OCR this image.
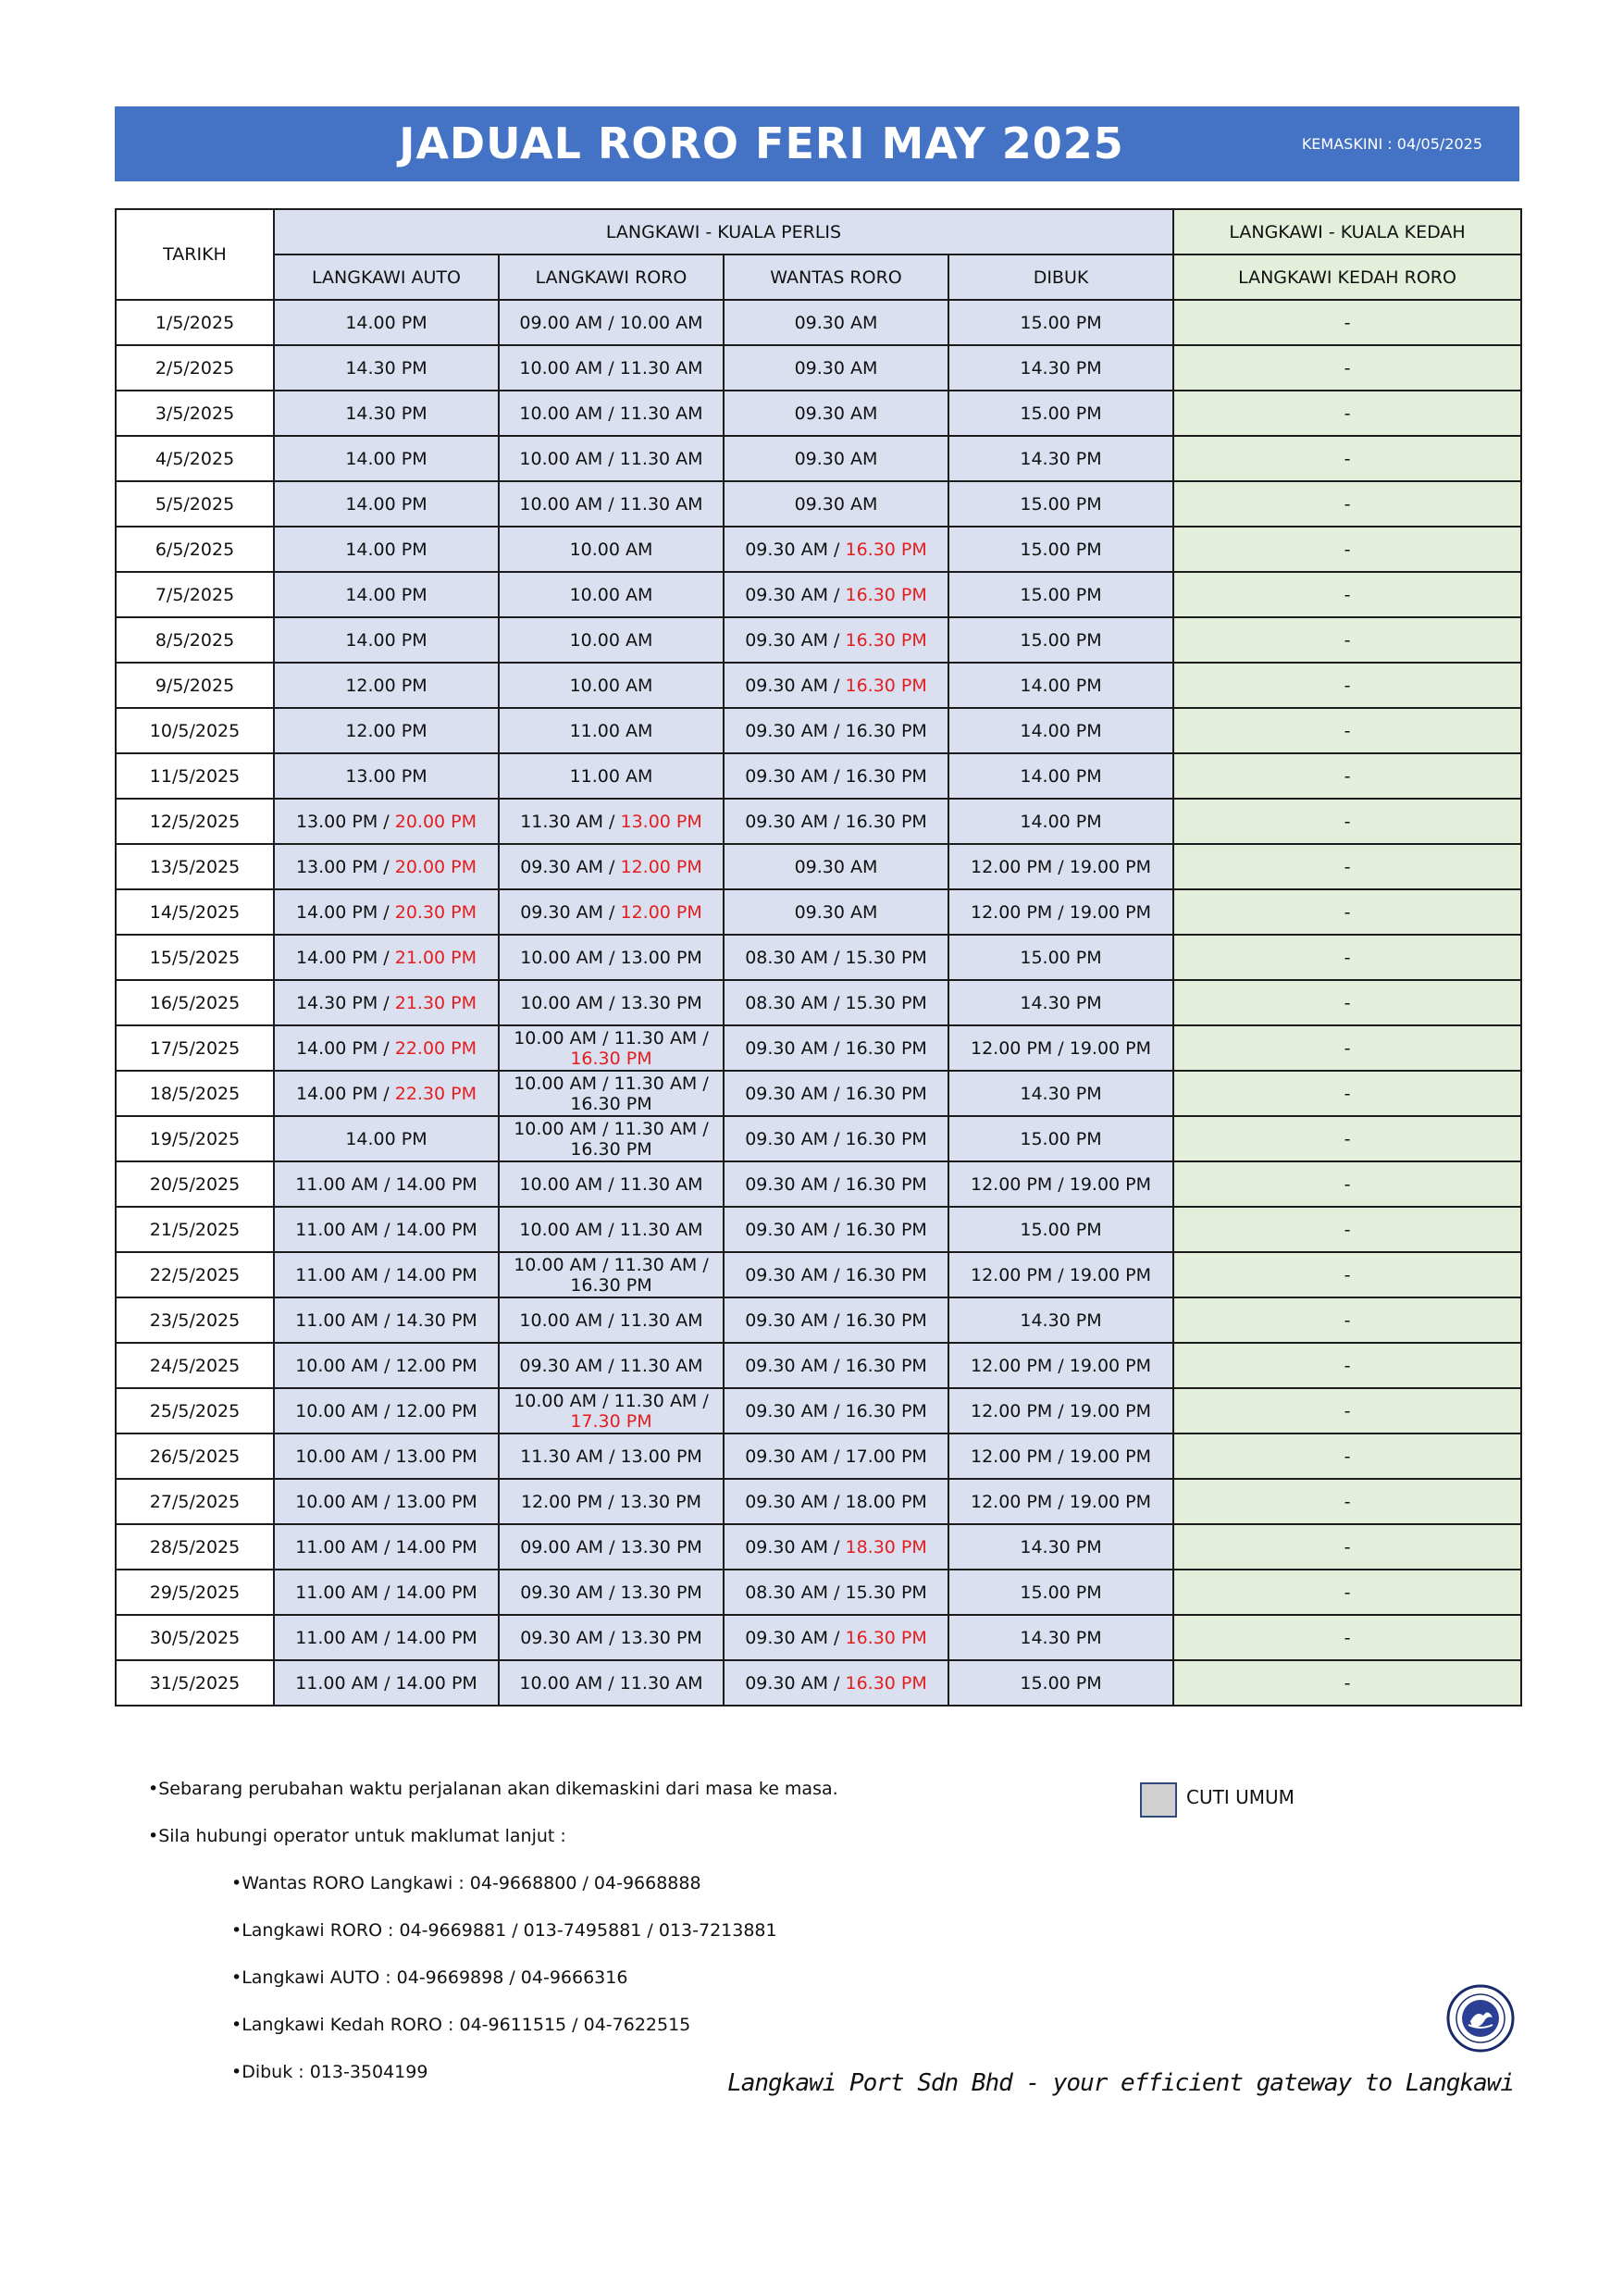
JADUAL RORO FERI MAY 2025	KEMASKINI : 04/05/2025
TARIKH	LANGKAWI - KUALA PERLIS				LANGKAWI - KUALA KEDAH
	LANGKAWI AUTO	LANGKAWI RORO	WANTAS RORO	DIBUK	LANGKAWI KEDAH RORO
1/5/2025	14.00 PM	09.00 AM / 10.00 AM	09.30 AM	15.00 PM	-
2/5/2025	14.30 PM	10.00 AM / 11.30 AM	09.30 AM	14.30 PM	-
3/5/2025	14.30 PM	10.00 AM / 11.30 AM	09.30 AM	15.00 PM	-
4/5/2025	14.00 PM	10.00 AM / 11.30 AM	09.30 AM	14.30 PM	-
5/5/2025	14.00 PM	10.00 AM / 11.30 AM	09.30 AM	15.00 PM	-
6/5/2025	14.00 PM	10.00 AM	09.30 AM / 16.30 PM	15.00 PM	-
7/5/2025	14.00 PM	10.00 AM	09.30 AM / 16.30 PM	15.00 PM	-
8/5/2025	14.00 PM	10.00 AM	09.30 AM / 16.30 PM	15.00 PM	-
9/5/2025	12.00 PM	10.00 AM	09.30 AM / 16.30 PM	14.00 PM	-
10/5/2025	12.00 PM	11.00 AM	09.30 AM / 16.30 PM	14.00 PM	-
11/5/2025	13.00 PM	11.00 AM	09.30 AM / 16.30 PM	14.00 PM	-
12/5/2025	13.00 PM / 20.00 PM	11.30 AM / 13.00 PM	09.30 AM / 16.30 PM	14.00 PM	-
13/5/2025	13.00 PM / 20.00 PM	09.30 AM / 12.00 PM	09.30 AM	12.00 PM / 19.00 PM	-
14/5/2025	14.00 PM / 20.30 PM	09.30 AM / 12.00 PM	09.30 AM	12.00 PM / 19.00 PM	-
15/5/2025	14.00 PM / 21.00 PM	10.00 AM / 13.00 PM	08.30 AM / 15.30 PM	15.00 PM	-
16/5/2025	14.30 PM / 21.30 PM	10.00 AM / 13.30 PM	08.30 AM / 15.30 PM	14.30 PM	-
17/5/2025	14.00 PM / 22.00 PM	10.00 AM / 11.30 AM / 16.30 PM	09.30 AM / 16.30 PM	12.00 PM / 19.00 PM	-
18/5/2025	14.00 PM / 22.30 PM	10.00 AM / 11.30 AM / 16.30 PM	09.30 AM / 16.30 PM	14.30 PM	-
19/5/2025	14.00 PM	10.00 AM / 11.30 AM / 16.30 PM	09.30 AM / 16.30 PM	15.00 PM	-
20/5/2025	11.00 AM / 14.00 PM	10.00 AM / 11.30 AM	09.30 AM / 16.30 PM	12.00 PM / 19.00 PM	-
21/5/2025	11.00 AM / 14.00 PM	10.00 AM / 11.30 AM	09.30 AM / 16.30 PM	15.00 PM	-
22/5/2025	11.00 AM / 14.00 PM	10.00 AM / 11.30 AM / 16.30 PM	09.30 AM / 16.30 PM	12.00 PM / 19.00 PM	-
23/5/2025	11.00 AM / 14.30 PM	10.00 AM / 11.30 AM	09.30 AM / 16.30 PM	14.30 PM	-
24/5/2025	10.00 AM / 12.00 PM	09.30 AM / 11.30 AM	09.30 AM / 16.30 PM	12.00 PM / 19.00 PM	-
25/5/2025	10.00 AM / 12.00 PM	10.00 AM / 11.30 AM / 17.30 PM	09.30 AM / 16.30 PM	12.00 PM / 19.00 PM	-
26/5/2025	10.00 AM / 13.00 PM	11.30 AM / 13.00 PM	09.30 AM / 17.00 PM	12.00 PM / 19.00 PM	-
27/5/2025	10.00 AM / 13.00 PM	12.00 PM / 13.30 PM	09.30 AM / 18.00 PM	12.00 PM / 19.00 PM	-
28/5/2025	11.00 AM / 14.00 PM	09.00 AM / 13.30 PM	09.30 AM / 18.30 PM	14.30 PM	-
29/5/2025	11.00 AM / 14.00 PM	09.30 AM / 13.30 PM	08.30 AM / 15.30 PM	15.00 PM	-
30/5/2025	11.00 AM / 14.00 PM	09.30 AM / 13.30 PM	09.30 AM / 16.30 PM	14.30 PM	-
31/5/2025	11.00 AM / 14.00 PM	10.00 AM / 11.30 AM	09.30 AM / 16.30 PM	15.00 PM	-

•Sebarang perubahan waktu perjalanan akan dikemaskini dari masa ke masa.

•Sila hubungi operator untuk maklumat lanjut :

•Wantas RORO Langkawi : 04-9668800 / 04-9668888

•Langkawi RORO : 04-9669881 / 013-7495881 / 013-7213881

•Langkawi AUTO : 04-9669898 / 04-9666316

•Langkawi Kedah RORO : 04-9611515 / 04-7622515

•Dibuk : 013-3504199

CUTI UMUM
Langkawi Port Sdn Bhd - your efficient gateway to Langkawi
